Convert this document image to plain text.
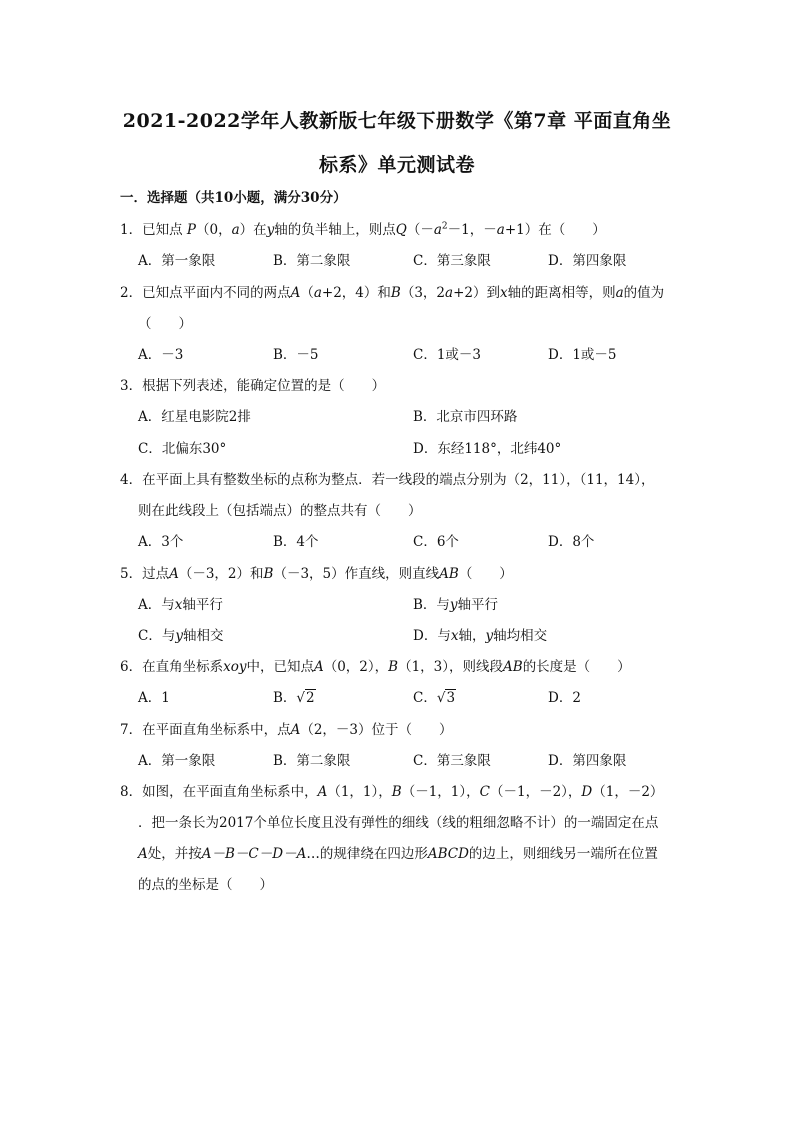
2021-2022学年人教新版七年级下册数学《第7章 平面直角坐
标系》单元测试卷
一．选择题（共10小题，满分30分）
1．已知点 P（0，a）在y轴的负半轴上，则点$Q(-a^2-1$，－a+1）在（　　）
A．第一象限	B．第二象限	C．第三象限	D．第四象限
2．已知点平面内不同的两点A（a+2，4）和B（3，2a+2）到x轴的距离相等，则a的值为
（　　）
A．－3	B．－5	C．1或－3	D．1或－5
3．根据下列表述，能确定位置的是（　　）
A．红星电影院2排	B．北京市四环路
C．北偏东30°	D．东经118°，北纬40°
4．在平面上具有整数坐标的点称为整点．若一线段的端点分别为（2，11），（11，14），
则在此线段上（包括端点）的整点共有（　　）
A．3个	B．4个	C．6个	D．8个
5．过点A（－3，2）和B（－3，5）作直线，则直线AB（　　）
A．与x轴平行	B．与y轴平行
C．与y轴相交	D．与x轴，y轴均相交
6．在直角坐标系xoy中，已知点A（0，2），B（1，3），则线段AB的长度是（　　）
A．1	B．√2	C．√3	D．2
7．在平面直角坐标系中，点A（2，－3）位于（　　）
A．第一象限	B．第二象限	C．第三象限	D．第四象限
8．如图，在平面直角坐标系中，A（1，1），B（－1，1），C（－1，－2），D（1，－2）
．把一条长为2017个单位长度且没有弹性的细线（线的粗细忽略不计）的一端固定在点
A处，并按A－B－C－D－A…的规律绕在四边形ABCD的边上，则细线另一端所在位置
的点的坐标是（　　）
